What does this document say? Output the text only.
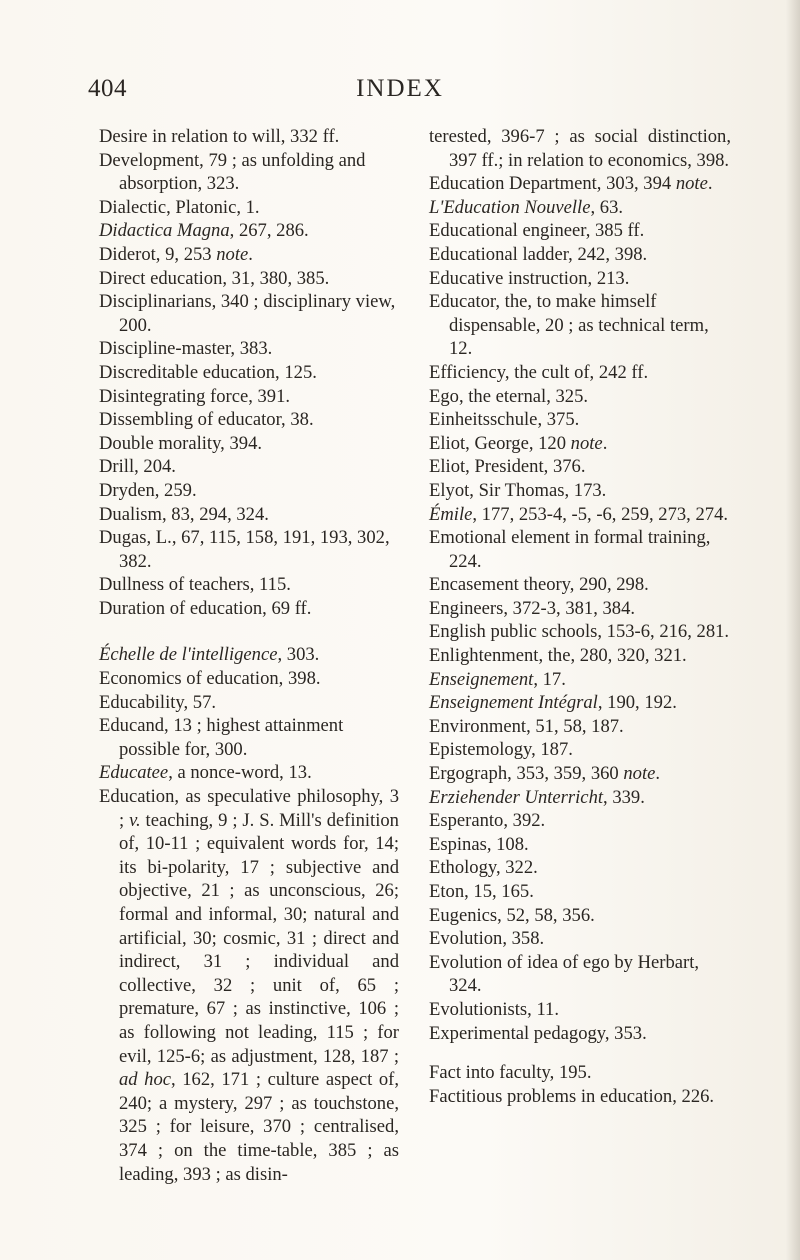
404	INDEX

Desire in relation to will, 332 ff.

Development, 79 ; as unfolding and absorption, 323.

Dialectic, Platonic, 1.

Didactica Magna, 267, 286.

Diderot, 9, 253 note.

Direct education, 31, 380, 385.

Disciplinarians, 340 ; disciplinary view, 200.

Discipline-master, 383.

Discreditable education, 125.

Disintegrating force, 391.

Dissembling of educator, 38.

Double morality, 394.

Drill, 204.

Dryden, 259.

Dualism, 83, 294, 324.

Dugas, L., 67, 115, 158, 191, 193, 302, 382.

Dullness of teachers, 115.

Duration of education, 69 ff.

Échelle de l'intelligence, 303.

Economics of education, 398.

Educability, 57.

Educand, 13 ; highest attainment possible for, 300.

Educatee, a nonce-word, 13.

Education, as speculative philosophy, 3 ; v. teaching, 9 ; J. S. Mill's definition of, 10-11 ; equivalent words for, 14; its bi-polarity, 17 ; subjective and objective, 21 ; as unconscious, 26; formal and informal, 30; natural and artificial, 30; cosmic, 31 ; direct and indirect, 31 ; individual and collective, 32 ; unit of, 65 ; premature, 67 ; as instinctive, 106 ; as following not leading, 115 ; for evil, 125-6; as adjustment, 128, 187 ; ad hoc, 162, 171 ; culture aspect of, 240; a mystery, 297 ; as touchstone, 325 ; for leisure, 370 ; centralised, 374 ; on the time-table, 385 ; as leading, 393 ; as disin-

terested, 396-7 ; as social distinction, 397 ff.; in relation to economics, 398.

Education Department, 303, 394 note.

L'Education Nouvelle, 63.

Educational engineer, 385 ff.

Educational ladder, 242, 398.

Educative instruction, 213.

Educator, the, to make himself dispensable, 20 ; as technical term, 12.

Efficiency, the cult of, 242 ff.

Ego, the eternal, 325.

Einheitsschule, 375.

Eliot, George, 120 note.

Eliot, President, 376.

Elyot, Sir Thomas, 173.

Émile, 177, 253-4, -5, -6, 259, 273, 274.

Emotional element in formal training, 224.

Encasement theory, 290, 298.

Engineers, 372-3, 381, 384.

English public schools, 153-6, 216, 281.

Enlightenment, the, 280, 320, 321.

Enseignement, 17.

Enseignement Intégral, 190, 192.

Environment, 51, 58, 187.

Epistemology, 187.

Ergograph, 353, 359, 360 note.

Erziehender Unterricht, 339.

Esperanto, 392.

Espinas, 108.

Ethology, 322.

Eton, 15, 165.

Eugenics, 52, 58, 356.

Evolution, 358.

Evolution of idea of ego by Herbart, 324.

Evolutionists, 11.

Experimental pedagogy, 353.

Fact into faculty, 195.

Factitious problems in education, 226.
